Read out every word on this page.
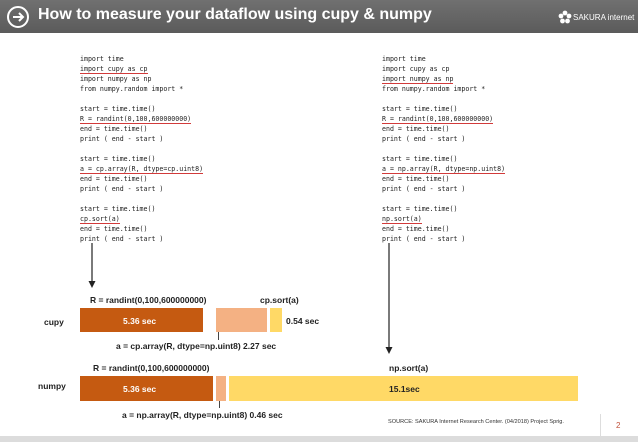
How to measure your dataflow using cupy & numpy	SAKURA internet
import time
import cupy as cp
import numpy as np
from numpy.random import *
start = time.time()
R = randint(0,100,600000000)
end = time.time()
print ( end - start )
start = time.time()
a = cp.array(R, dtype=cp.uint8)
end = time.time()
print ( end - start )
start = time.time()
cp.sort(a)
end = time.time()
print ( end - start )
import time
import cupy as cp
import numpy as np
from numpy.random import *
start = time.time()
R = randint(0,100,600000000)
end = time.time()
print ( end - start )
start = time.time()
a = np.array(R, dtype=np.uint8)
end = time.time()
print ( end - start )
start = time.time()
np.sort(a)
end = time.time()
print ( end - start )
R = randint(0,100,600000000)	cp.sort(a)
cupy	5.36 sec	0.54 sec
a = cp.array(R, dtype=np.uint8) 2.27 sec
R = randint(0,100,600000000)	np.sort(a)
numpy	5.36 sec	15.1sec
a = np.array(R, dtype=np.uint8) 0.46 sec
SOURCE: SAKURA Internet Research Center. (04/2018) Project Sprig.	2
